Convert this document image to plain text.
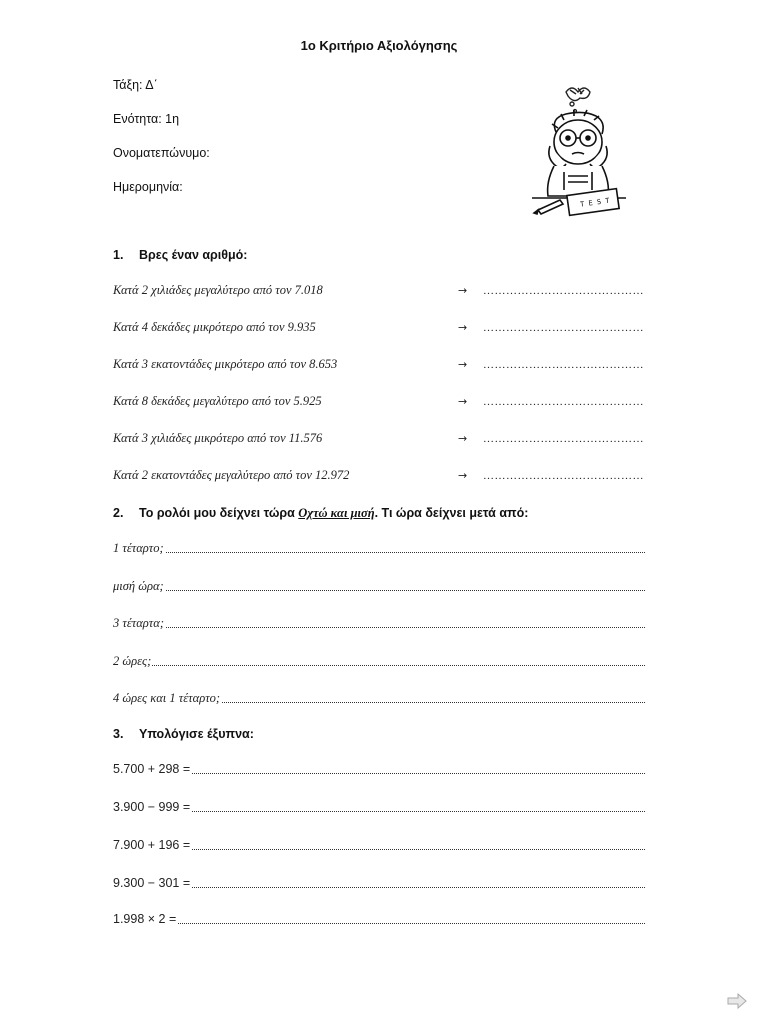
1ο Κριτήριο Αξιολόγησης
Τάξη: Δ΄
Ενότητα: 1η
Ονοματεπώνυμο:
Ημερομηνία:
T E S T
1. Βρες έναν αριθμό:
Κατά 2 χιλιάδες μεγαλύτερο από τον 7.018	→ ……………………………………
Κατά 4 δεκάδες μικρότερο από τον 9.935	→ ……………………………………
Κατά 3 εκατοντάδες μικρότερο από τον 8.653	→ ……………………………………
Κατά 8 δεκάδες μεγαλύτερο από τον 5.925	→ ……………………………………
Κατά 3 χιλιάδες μικρότερο από τον 11.576	→ ……………………………………
Κατά 2 εκατοντάδες μεγαλύτερο από τον 12.972	→ ……………………………………
2. Το ρολόι μου δείχνει τώρα Οχτώ και μισή. Τι ώρα δείχνει μετά από:
1 τέταρτο;
μισή ώρα;
3 τέταρτα;
2 ώρες;
4 ώρες και 1 τέταρτο;
3. Υπολόγισε έξυπνα:
5.700 + 298 =
3.900 − 999 =
7.900 + 196 =
9.300 − 301 =
1.998 × 2 =
